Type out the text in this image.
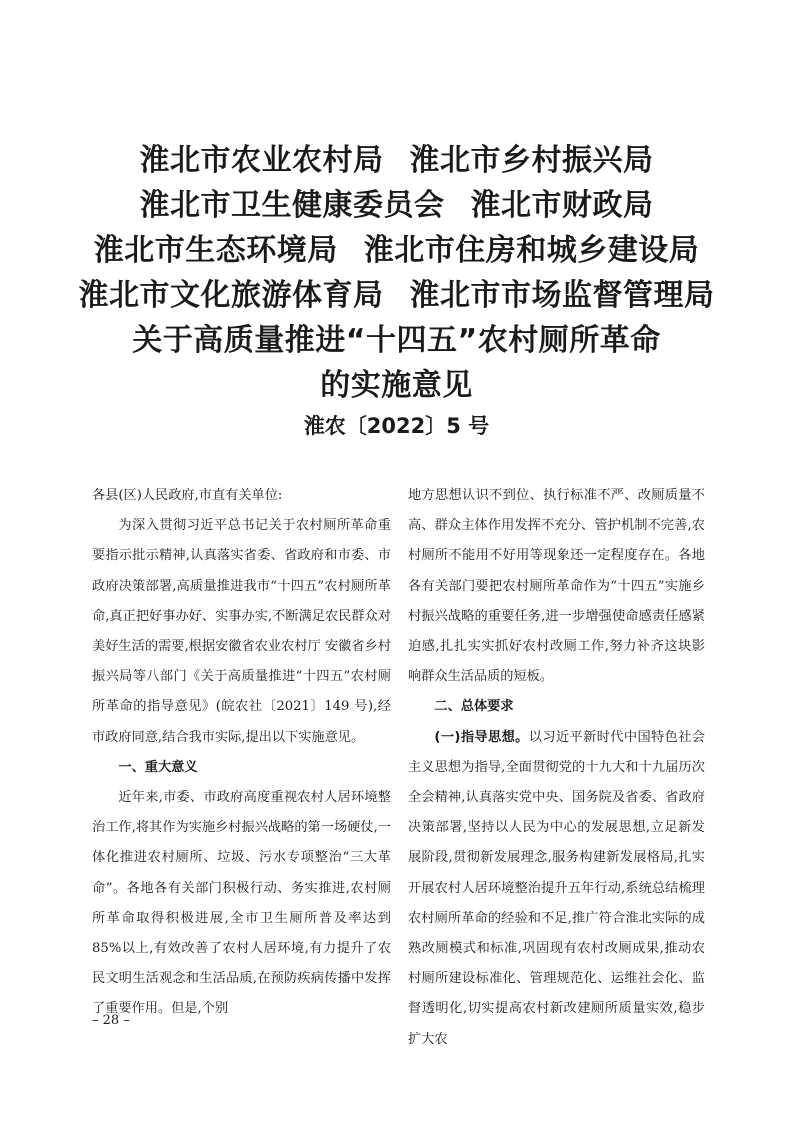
淮北市农业农村局 淮北市乡村振兴局
淮北市卫生健康委员会 淮北市财政局
淮北市生态环境局 淮北市住房和城乡建设局
淮北市文化旅游体育局 淮北市市场监督管理局
关于高质量推进“十四五”农村厕所革命
的实施意见
淮农〔2022〕5 号

各县(区)人民政府,市直有关单位:

为深入贯彻习近平总书记关于农村厕所革命重要指示批示精神,认真落实省委、省政府和市委、市政府决策部署,高质量推进我市“十四五”农村厕所革命,真正把好事办好、实事办实,不断满足农民群众对美好生活的需要,根据安徽省农业农村厅 安徽省乡村振兴局等八部门《关于高质量推进“十四五”农村厕所革命的指导意见》(皖农社〔2021〕149 号),经市政府同意,结合我市实际,提出以下实施意见。

一、重大意义

近年来,市委、市政府高度重视农村人居环境整治工作,将其作为实施乡村振兴战略的第一场硬仗,一体化推进农村厕所、垃圾、污水专项整治“三大革命”。各地各有关部门积极行动、务实推进,农村厕所革命取得积极进展,全市卫生厕所普及率达到 85%以上,有效改善了农村人居环境,有力提升了农民文明生活观念和生活品质,在预防疾病传播中发挥了重要作用。但是,个别

地方思想认识不到位、执行标准不严、改厕质量不高、群众主体作用发挥不充分、管护机制不完善,农村厕所不能用不好用等现象还一定程度存在。各地各有关部门要把农村厕所革命作为“十四五”实施乡村振兴战略的重要任务,进一步增强使命感责任感紧迫感,扎扎实实抓好农村改厕工作,努力补齐这块影响群众生活品质的短板。

二、总体要求

(一)指导思想。以习近平新时代中国特色社会主义思想为指导,全面贯彻党的十九大和十九届历次全会精神,认真落实党中央、国务院及省委、省政府决策部署,坚持以人民为中心的发展思想,立足新发展阶段,贯彻新发展理念,服务构建新发展格局,扎实开展农村人居环境整治提升五年行动,系统总结梳理农村厕所革命的经验和不足,推广符合淮北实际的成熟改厕模式和标准,巩固现有农村改厕成果,推动农村厕所建设标准化、管理规范化、运维社会化、监督透明化,切实提高农村新改建厕所质量实效,稳步扩大农

– 28 –
